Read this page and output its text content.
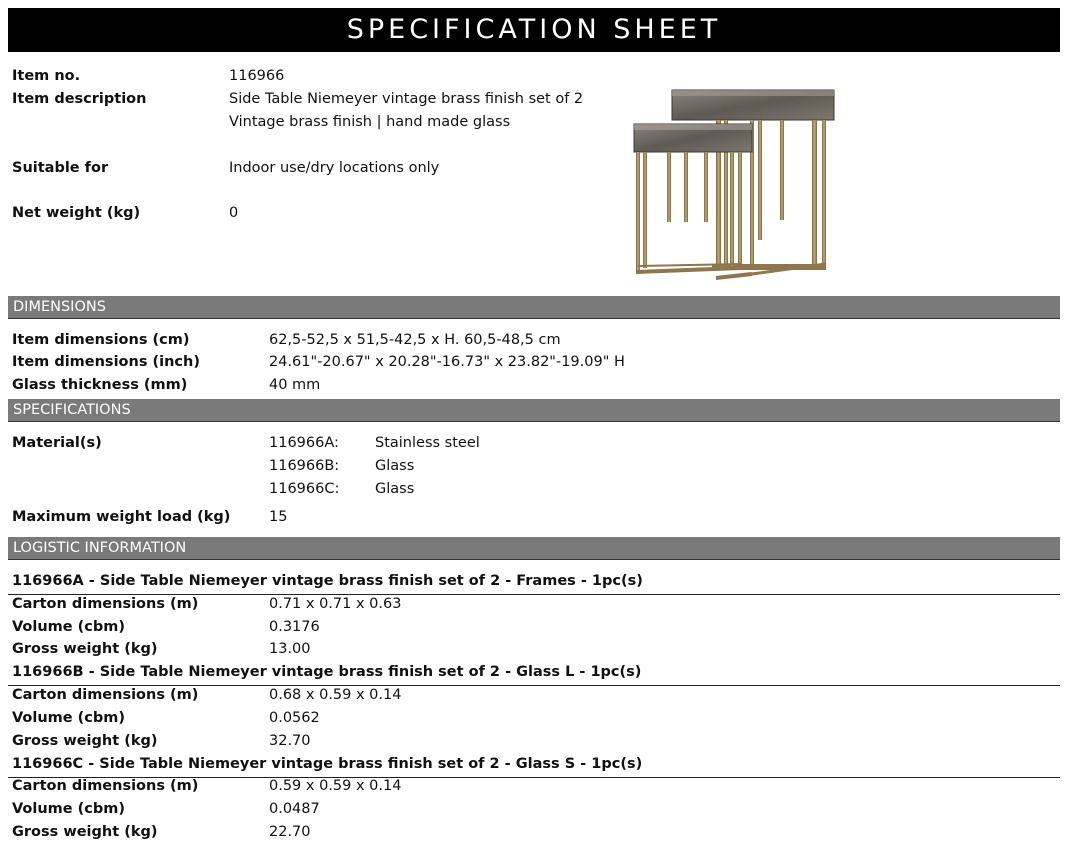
SPECIFICATION SHEET
Item no.	116966
Item description	Side Table Niemeyer vintage brass finish set of 2
Vintage brass finish | hand made glass
Suitable for	Indoor use/dry locations only
Net weight (kg)	0
DIMENSIONS
Item dimensions (cm)	62,5-52,5 x 51,5-42,5 x H. 60,5-48,5 cm
Item dimensions (inch)	24.61"-20.67" x 20.28"-16.73" x 23.82"-19.09" H
Glass thickness (mm)	40 mm
SPECIFICATIONS
Material(s)	116966A: Stainless steel
116966B: Glass
116966C: Glass
Maximum weight load (kg)	15
LOGISTIC INFORMATION
116966A - Side Table Niemeyer vintage brass finish set of 2 - Frames - 1pc(s)
Carton dimensions (m)	0.71 x 0.71 x 0.63
Volume (cbm)	0.3176
Gross weight (kg)	13.00
116966B - Side Table Niemeyer vintage brass finish set of 2 - Glass L - 1pc(s)
Carton dimensions (m)	0.68 x 0.59 x 0.14
Volume (cbm)	0.0562
Gross weight (kg)	32.70
116966C - Side Table Niemeyer vintage brass finish set of 2 - Glass S - 1pc(s)
Carton dimensions (m)	0.59 x 0.59 x 0.14
Volume (cbm)	0.0487
Gross weight (kg)	22.70
